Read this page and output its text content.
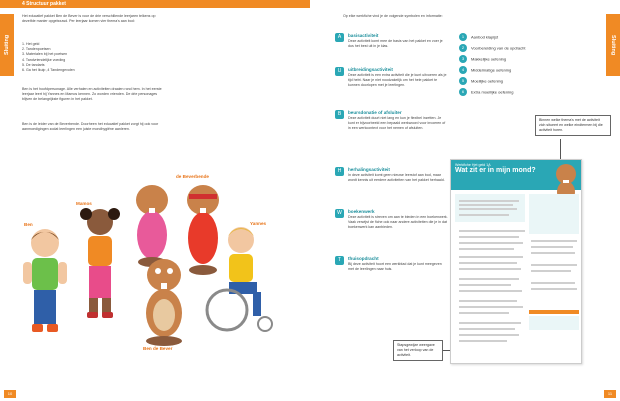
4 Structuur pakket
Sluiting
Het educatief pakket Ben de Bever is voor de drie verschillende leerjaren telkens op dezelfde manier opgebouwd. Per leerjaar komen vier thema's aan bod:
1. Het geld
2. Tandenpoetsen
3. Materialen bij het poetsen
4. Tandvriendelijke voeding
5. De tandarts
6. Ga het Ikuip ,4 Tandengevolen
Ben is het hoofdpersonage. Alle verhalen en activiteiten draaien rond hem. In het eerste leerjaar leert hij Yannes en Mamos kennen. Zo worden vrienden. De drie personages blijven de belangrijkste figuren in het pakket.
Ben is de leider van de Beverbende. Doorheen het educatief pakket zorgt hij ook voor aanmoedigingen zodat leerlingen een juiste mondhygiëne aanleren.
Ben
Mamos
de Beverbende
Yannes
Ben de Bever
10
Sluiting
11
Op elke werkfiche vind je de volgende symbolen en informatie:
A	basisactiviteit
Deze activiteit komt mee de basis van het pakket en voer je dus het best uit in je klas.
U	uitbreidingsactiviteit
Deze activiteit is een extra activiteit die je kunt uitvoeren als je tijd hebt. Naar je niet noodzakelijk om het hele pakket te kunnen doorlopen met je leerlingen.
B	beursdonatie of afsluiter
Deze activiteit duurt niet lang en kun je flexibel inzetten. Je kunt er bijvoorbeeld een bepaald werkwoord voor invoeren of in een werkcontext voor het nemen of afsluiten.
H	herhalingsactiviteit
In deze activiteit komt geen nieuwe leerstof aan bod, maar wordt kennis uit eerdere activiteiten van het pakket herhaald.
W	boekenwerk
Deze activiteit is streven om aan te bieden in een boekenwerk. Vaak verwijst de fiche ook naar andere activiteiten die je in dat boekenwerk kan aanbieden.
T	thuisopdracht
Bij deze activiteit hoort een werkblad dat je kunt meegeven met de leerlingen naar huis.
1 Aanbod klapijst
2 Voorbereiding van de opdracht
3 Makkelijke oefening
4 Middelmatige oefening
5 Moeilijke oefening
6 Extra moeilijke oefening
Binnen welke thema's met de activiteit zich situeert en welke eindtermen bij die activiteit horen.
Stapsgewijze weergave van het verloop van de activiteit.
Werkfiche Het geld 1A
Wat zit er in mijn mond?
